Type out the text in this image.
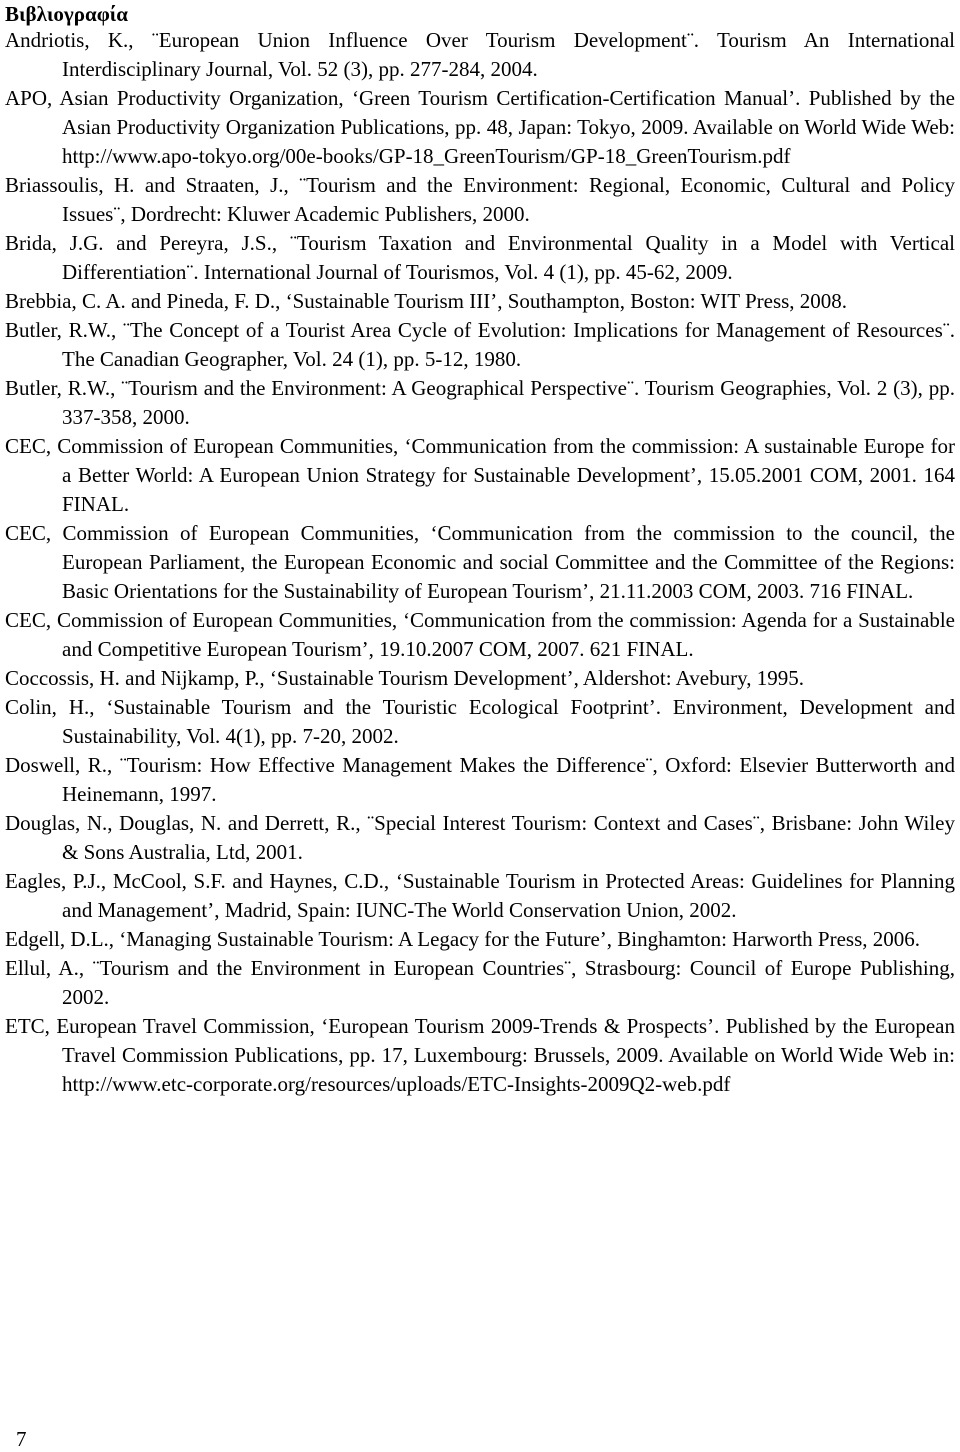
Βιβλιογραφία

Andriotis, K., ¨European Union Influence Over Tourism Development¨. Tourism An International Interdisciplinary Journal, Vol. 52 (3), pp. 277-284, 2004.

APO, Asian Productivity Organization, ‘Green Tourism Certification-Certification Manual’. Published by the Asian Productivity Organization Publications, pp. 48, Japan: Tokyo, 2009. Available on World Wide Web: http://www.apo-tokyo.org/00e-books/GP-18_GreenTourism/GP-18_GreenTourism.pdf

Briassoulis, H. and Straaten, J., ¨Tourism and the Environment: Regional, Economic, Cultural and Policy Issues¨, Dordrecht: Kluwer Academic Publishers, 2000.

Brida, J.G. and Pereyra, J.S., ¨Tourism Taxation and Environmental Quality in a Model with Vertical Differentiation¨. International Journal of Tourismos, Vol. 4 (1), pp. 45-62, 2009.

Brebbia, C. A. and Pineda, F. D., ‘Sustainable Tourism III’, Southampton, Boston: WIT Press, 2008.

Butler, R.W., ¨The Concept of a Tourist Area Cycle of Evolution: Implications for Management of Resources¨. The Canadian Geographer, Vol. 24 (1), pp. 5-12, 1980.

Butler, R.W., ¨Tourism and the Environment: A Geographical Perspective¨. Tourism Geographies, Vol. 2 (3), pp. 337-358, 2000.

CEC, Commission of European Communities, ‘Communication from the commission: A sustainable Europe for a Better World: A European Union Strategy for Sustainable Development’, 15.05.2001 COM, 2001. 164 FINAL.

CEC, Commission of European Communities, ‘Communication from the commission to the council, the European Parliament, the European Economic and social Committee and the Committee of the Regions: Basic Orientations for the Sustainability of European Tourism’, 21.11.2003 COM, 2003. 716 FINAL.

CEC, Commission of European Communities, ‘Communication from the commission: Agenda for a Sustainable and Competitive European Tourism’, 19.10.2007 COM, 2007. 621 FINAL.

Coccossis, H. and Nijkamp, P., ‘Sustainable Tourism Development’, Aldershot: Avebury, 1995.

Colin, H., ‘Sustainable Tourism and the Touristic Ecological Footprint’. Environment, Development and Sustainability, Vol. 4(1), pp. 7-20, 2002.

Doswell, R., ¨Tourism: How Effective Management Makes the Difference¨, Oxford: Elsevier Butterworth and Heinemann, 1997.

Douglas, N., Douglas, N. and Derrett, R., ¨Special Interest Tourism: Context and Cases¨, Brisbane: John Wiley & Sons Australia, Ltd, 2001.

Eagles, P.J., McCool, S.F. and Haynes, C.D., ‘Sustainable Tourism in Protected Areas: Guidelines for Planning and Management’, Madrid, Spain: IUNC-The World Conservation Union, 2002.

Edgell, D.L., ‘Managing Sustainable Tourism: A Legacy for the Future’, Binghamton: Harworth Press, 2006.

Ellul, A., ¨Tourism and the Environment in European Countries¨, Strasbourg: Council of Europe Publishing, 2002.

ETC, European Travel Commission, ‘European Tourism 2009-Trends & Prospects’. Published by the European Travel Commission Publications, pp. 17, Luxembourg: Brussels, 2009. Available on World Wide Web in: http://www.etc-corporate.org/resources/uploads/ETC-Insights-2009Q2-web.pdf

7
